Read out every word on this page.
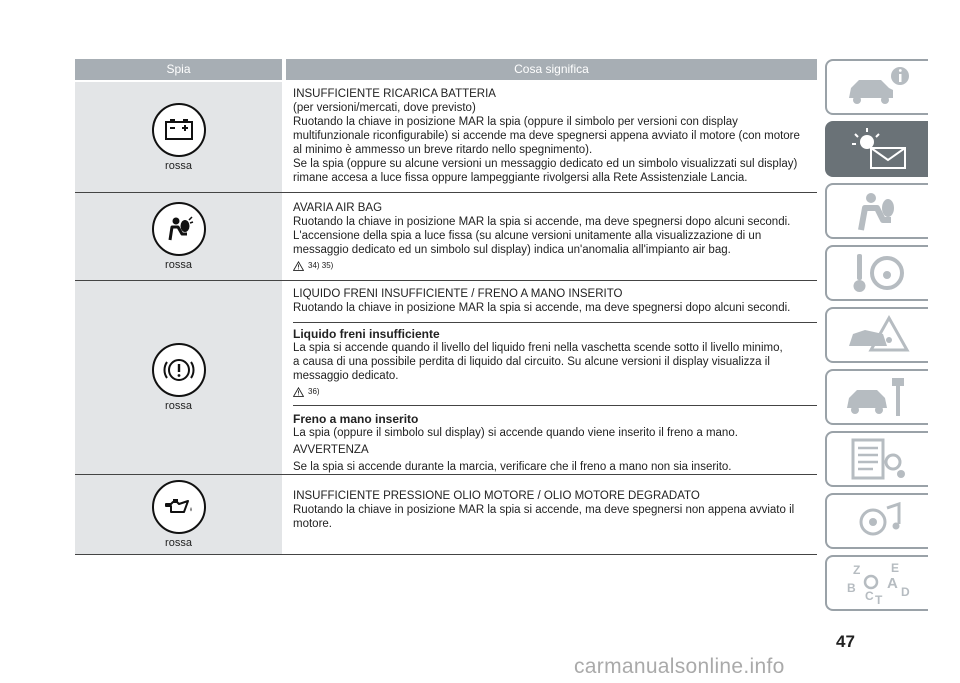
Spia	Cosa significa
rossa
INSUFFICIENTE RICARICA BATTERIA
(per versioni/mercati, dove previsto)
Ruotando la chiave in posizione MAR la spia (oppure il simbolo per versioni con display
multifunzionale riconfigurabile) si accende ma deve spegnersi appena avviato il motore (con motore
al minimo è ammesso un breve ritardo nello spegnimento).
Se la spia (oppure su alcune versioni un messaggio dedicato ed un simbolo visualizzati sul display)
rimane accesa a luce fissa oppure lampeggiante rivolgersi alla Rete Assistenziale Lancia.
rossa
AVARIA AIR BAG
Ruotando la chiave in posizione MAR la spia si accende, ma deve spegnersi dopo alcuni secondi.
L'accensione della spia a luce fissa (su alcune versioni unitamente alla visualizzazione di un
messaggio dedicato ed un simbolo sul display) indica un'anomalia all'impianto air bag.
34) 35)
rossa
LIQUIDO FRENI INSUFFICIENTE / FRENO A MANO INSERITO
Ruotando la chiave in posizione MAR la spia si accende, ma deve spegnersi dopo alcuni secondi.
Liquido freni insufficiente
La spia si accende quando il livello del liquido freni nella vaschetta scende sotto il livello minimo,
a causa di una possibile perdita di liquido dal circuito. Su alcune versioni il display visualizza il
messaggio dedicato.
36)
Freno a mano inserito
La spia (oppure il simbolo sul display) si accende quando viene inserito il freno a mano.
AVVERTENZA
Se la spia si accende durante la marcia, verificare che il freno a mano non sia inserito.
rossa
INSUFFICIENTE PRESSIONE OLIO MOTORE / OLIO MOTORE DEGRADATO
Ruotando la chiave in posizione MAR la spia si accende, ma deve spegnersi non appena avviato il
motore.
Z	E
A
B
C T
D
47
carmanualsonline.info
